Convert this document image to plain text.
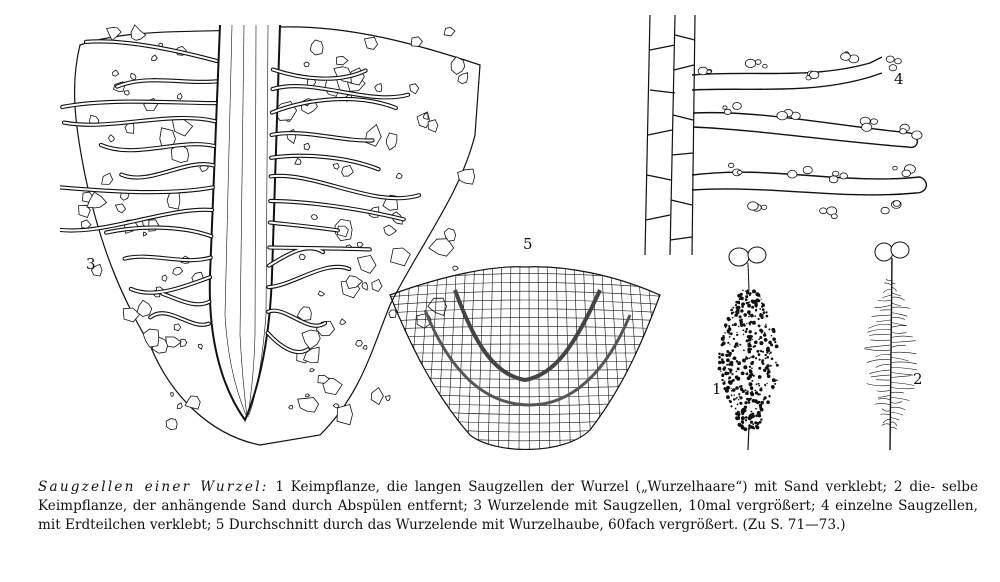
3
5
4
1
2
Saugzellen einer Wurzel: 1 Keimpflanze, die langen Saugzellen der Wurzel („Wurzelhaare“) mit Sand verklebt; 2 die- selbe Keimpflanze, der anhängende Sand durch Abspülen entfernt; 3 Wurzelende mit Saugzellen, 10mal vergrößert; 4 einzelne Saugzellen, mit Erdteilchen verklebt; 5 Durchschnitt durch das Wurzelende mit Wurzelhaube, 60fach vergrößert. (Zu S. 71—73.)
